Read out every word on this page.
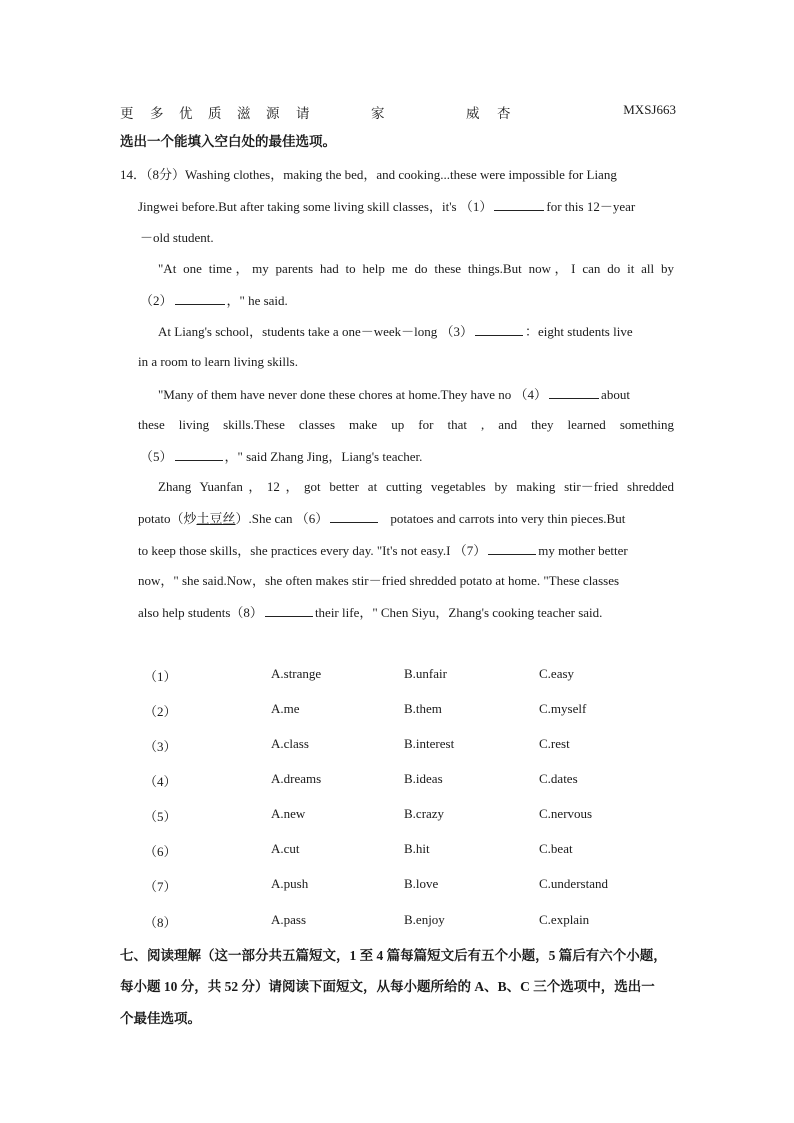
更 多 优 质 滋 源 请	家	威 杏	MXSJ663
选出一个能填入空白处的最佳选项。
14．（8分）Washing clothes，making the bed，and cooking...these were impossible for Liang
Jingwei before.But after taking some living skill classes，it's （1）	for this 12－year
－old student.
"At one time，my parents had to help me do these things.But now，I can do it all by
（2）	，" he said.
At Liang's school，students take a one－week－long （3）	：eight students live
in a room to learn living skills.
"Many of them have never done these chores at home.They have no （4）	about
these living skills.These classes make up for that , and they learned something
（5）	，" said Zhang Jing，Liang's teacher.
Zhang Yuanfan，12，got better at cutting vegetables by making stir－fried shredded
potato（炒土豆丝）.She can （6）	potatoes and carrots into very thin pieces.But
to keep those skills，she practices every day. "It's not easy.I （7）	my mother better
now，" she said.Now，she often makes stir－fried shredded potato at home. "These classes
also help students（8）	their life，" Chen Siyu，Zhang's cooking teacher said.
（1）	A.strange	B.unfair	C.easy
（2）	A.me	B.them	C.myself
（3）	A.class	B.interest	C.rest
（4）	A.dreams	B.ideas	C.dates
（5）	A.new	B.crazy	C.nervous
（6）	A.cut	B.hit	C.beat
（7）	A.push	B.love	C.understand
（8）	A.pass	B.enjoy	C.explain
七、阅读理解（这一部分共五篇短文，1 至 4 篇每篇短文后有五个小题，5 篇后有六个小题，
每小题 10 分，共 52 分）请阅读下面短文，从每小题所给的 A、B、C 三个选项中，选出一
个最佳选项。
